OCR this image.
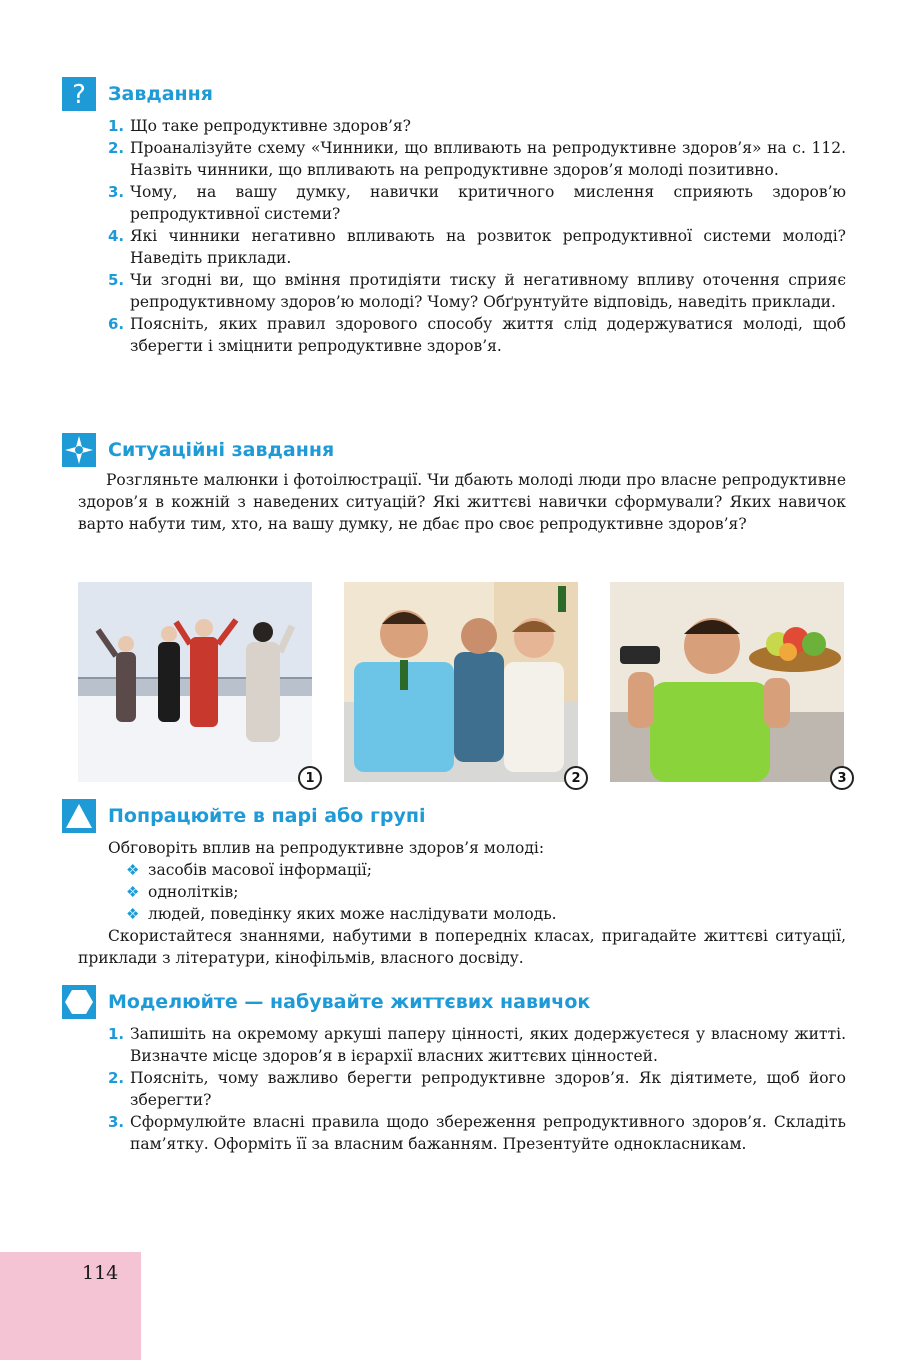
? Завдання
1. Що таке репродуктивне здоров’я?
2. Проаналізуйте схему «Чинники, що впливають на репродуктивне здоров’я» на с. 112. Назвіть чинники, що впливають на репродуктивне здоров’я молоді позитивно.
3. Чому, на вашу думку, навички критичного мислення сприяють здоров’ю репродуктивної системи?
4. Які чинники негативно впливають на розвиток репродуктивної системи молоді? Наведіть приклади.
5. Чи згодні ви, що вміння протидіяти тиску й негативному впливу оточення сприяє репродуктивному здоров’ю молоді? Чому? Обґрунтуйте відповідь, наведіть приклади.
6. Поясніть, яких правил здорового способу життя слід додержуватися молоді, щоб зберегти і зміцнити репродуктивне здоров’я.
Ситуаційні завдання

Розгляньте малюнки і фотоілюстрації. Чи дбають молоді люди про власне репродуктивне здоров’я в кожній з наведених ситуацій? Які життєві навички сформували? Яких навичок варто набути тим, хто, на вашу думку, не дбає про своє репродуктивне здоров’я?

1	2	3
Попрацюйте в парі або групі

Обговоріть вплив на репродуктивне здоров’я молоді:

❖ засобів масової інформації;
❖ однолітків;
❖ людей, поведінку яких може наслідувати молодь.

Скористайтеся знаннями, набутими в попередніх класах, пригадайте життєві ситуації, приклади з літератури, кінофільмів, власного досвіду.

Моделюйте — набувайте життєвих навичок
1. Запишіть на окремому аркуші паперу цінності, яких додержуєтеся у власному житті. Визначте місце здоров’я в ієрархії власних життєвих цінностей.
2. Поясніть, чому важливо берегти репродуктивне здоров’я. Як діятимете, щоб його зберегти?
3. Сформулюйте власні правила щодо збереження репродуктивного здоров’я. Складіть пам’ятку. Оформіть її за власним бажанням. Презентуйте однокласникам.
114
